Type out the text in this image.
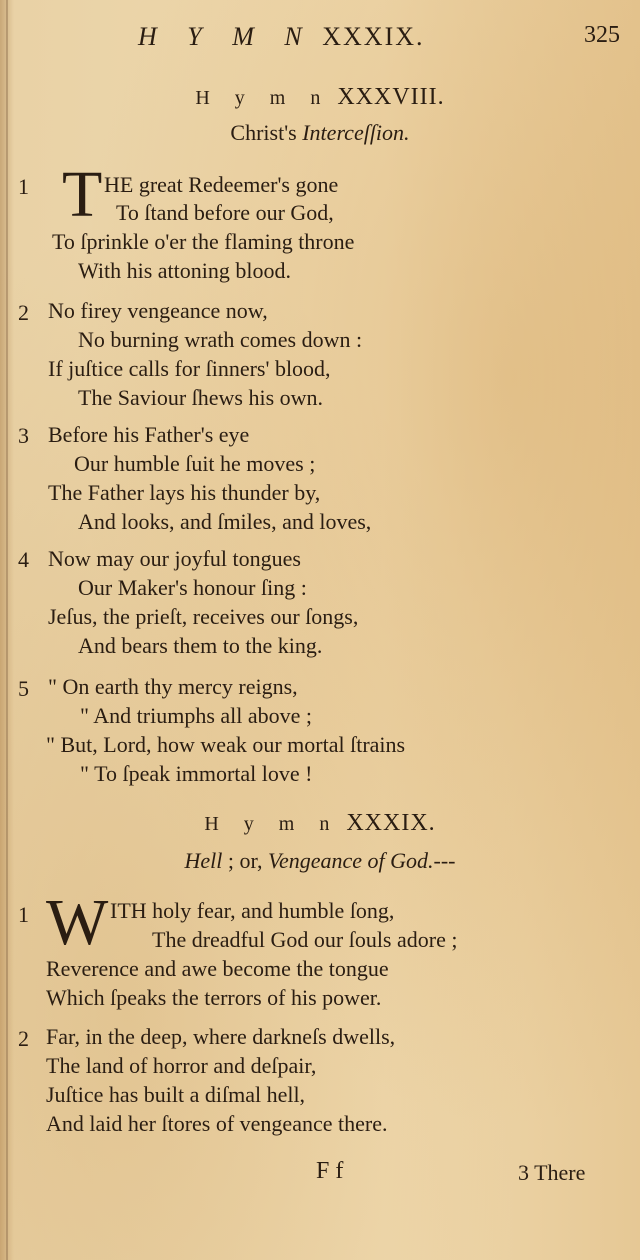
H Y M N XXXIX.	325
H y m n XXXVIII.
Christ's Interceſſion.
1 T HE great Redeemer's gone
To ſtand before our God,
To ſprinkle o'er the flaming throne
With his attoning blood.
2 No firey vengeance now,
No burning wrath comes down :
If juſtice calls for ſinners' blood,
The Saviour ſhews his own.
3 Before his Father's eye
Our humble ſuit he moves ;
The Father lays his thunder by,
And looks, and ſmiles, and loves,
4 Now may our joyful tongues
Our Maker's honour ſing :
Jeſus, the prieſt, receives our ſongs,
And bears them to the king.
5 " On earth thy mercy reigns,
" And triumphs all above ;
" But, Lord, how weak our mortal ſtrains
" To ſpeak immortal love !
H y m n XXXIX.
Hell ; or, Vengeance of God.---
1 W ITH holy fear, and humble ſong,
The dreadful God our ſouls adore ;
Reverence and awe become the tongue
Which ſpeaks the terrors of his power.
2 Far, in the deep, where darkneſs dwells,
The land of horror and deſpair,
Juſtice has built a diſmal hell,
And laid her ſtores of vengeance there.
F f	3 There
